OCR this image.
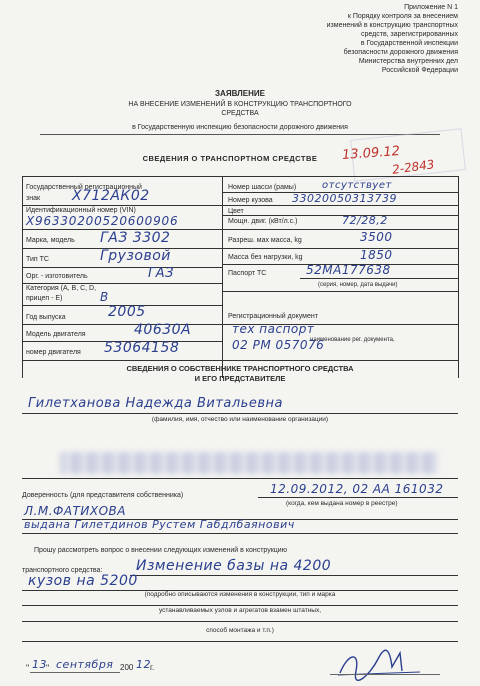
Приложение N 1
к Порядку контроля за внесением
изменений в конструкцию транспортных
средств, зарегистрированных
в Государственной инспекции
безопасности дорожного движения
Министерства внутренних дел
Российской Федерации
ЗАЯВЛЕНИЕ
НА ВНЕСЕНИЕ ИЗМЕНЕНИЙ В КОНСТРУКЦИЮ ТРАНСПОРТНОГО
СРЕДСТВА
в Государственную инспекцию безопасности дорожного движения
13.09.12
2-2843
СВЕДЕНИЯ О ТРАНСПОРТНОМ СРЕДСТВЕ
Государственный регистрационный
знак Х712АК02
Идентификационный номер (VIN)
X96330200520600906
Марка, модель ГАЗ 3302
Тип ТС	Грузовой
Орг. - изготовитель	ГАЗ
Категория (A, B, C, D,
прицеп - E)	В
Год выпуска	2005
Модель двигателя	40630А
номер двигателя 53064158
Номер шасси (рамы)	отсутствует
Номер кузова 33020050313739
Цвет
Мощн. двиг. (кВт/л.с.)	72/28,2
Разреш. мах масса, kg	3500
Масса без нагрузки, kg	1850
Паспорт ТС	52МА177638
(серия, номер, дата выдачи)
Регистрационный документ
тех паспорт
наименование рег. документа,
02 РМ 057076
СВЕДЕНИЯ О СОБСТВЕННИКЕ ТРАНСПОРТНОГО СРЕДСТВА
И ЕГО ПРЕДСТАВИТЕЛЕ
Гилетханова Надежда Витальевна
(фамилия, имя, отчество или наименование организации)
Доверенность (для представителя собственника)	12.09.2012, 02 АА 161032
(когда, кем выдана номер в реестре)
Л.М.ФАТИХОВА
выдана Гилетдинов Рустем Габдлбаянович
Прошу рассмотреть вопрос о внесении следующих изменений в конструкцию
транспортного средства: Изменение базы на 4200
кузов на 5200
(подробно описываются изменения в конструкции, тип и марка
устанавливаемых узлов и агрегатов взамен штатных,
способ монтажа и т.п.)
" 13 " сентября 200 12 г.
